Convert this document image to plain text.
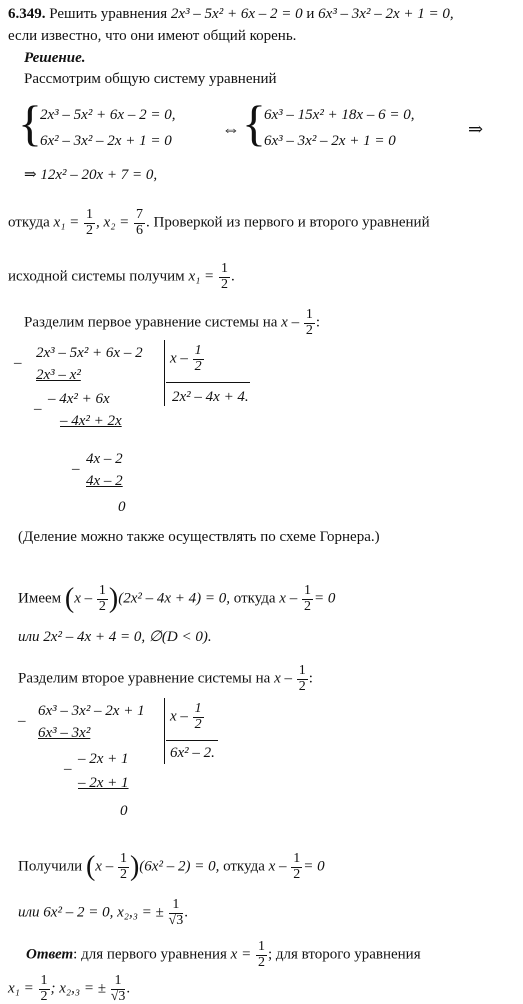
6.349. Решить уравнения 2x³ – 5x² + 6x – 2 = 0 и 6x³ – 3x² – 2x + 1 = 0,
если известно, что они имеют общий корень.
Решение.
Рассмотрим общую систему уравнений
{
2x³ – 5x² + 6x – 2 = 0,
6x² – 3x² – 2x + 1 = 0
⇔ {
6x³ – 15x² + 18x – 6 = 0,
6x³ – 3x² – 2x + 1 = 0
⇒
⇒ 12x² – 20x + 7 = 0,
откуда $x_1 = \frac{1}{2}$ , $x_2 = \frac{7}{6}$ . Проверкой из первого и второго уравнений
исходной системы получим $x_1 = \frac{1}{2}$ .
Разделим первое уравнение системы на x – $\frac{1}{2}$ :
–
2x³ – 5x² + 6x – 2 x – $\frac{1}{2}$
2x² – 4x + 4.
2x³ – x²
–
– 4x² + 6x
– 4x² + 2x
–
4x – 2
4x – 2
0
(Деление можно также осуществлять по схеме Горнера.)
Имеем $(x - \frac{1}{2} )(2x^2 - 4x + 4) = 0$, откуда $x - \frac{1}{2} = 0$
или 2x² – 4x + 4 = 0, ∅(D < 0).
Разделим второе уравнение системы на x – $\frac{1}{2}$ :
–
6x³ – 3x² – 2x + 1 x – $\frac{1}{2}$
6x² – 2.
6x³ – 3x²
–
– 2x + 1
– 2x + 1
0
Получили $(x - \frac{1}{2} )(6x^2 - 2) = 0$, откуда $x - \frac{1}{2} = 0$
или 6x² – 2 = 0, x₂,₃ = ± $\frac{1}{√3}$ .
Ответ: для первого уравнения $x = \frac{1}{2}$ ; для второго уравнения
$x_1 = \frac{1}{2}$ ; x₂,₃ = ± $\frac{1}{√3}$ .
